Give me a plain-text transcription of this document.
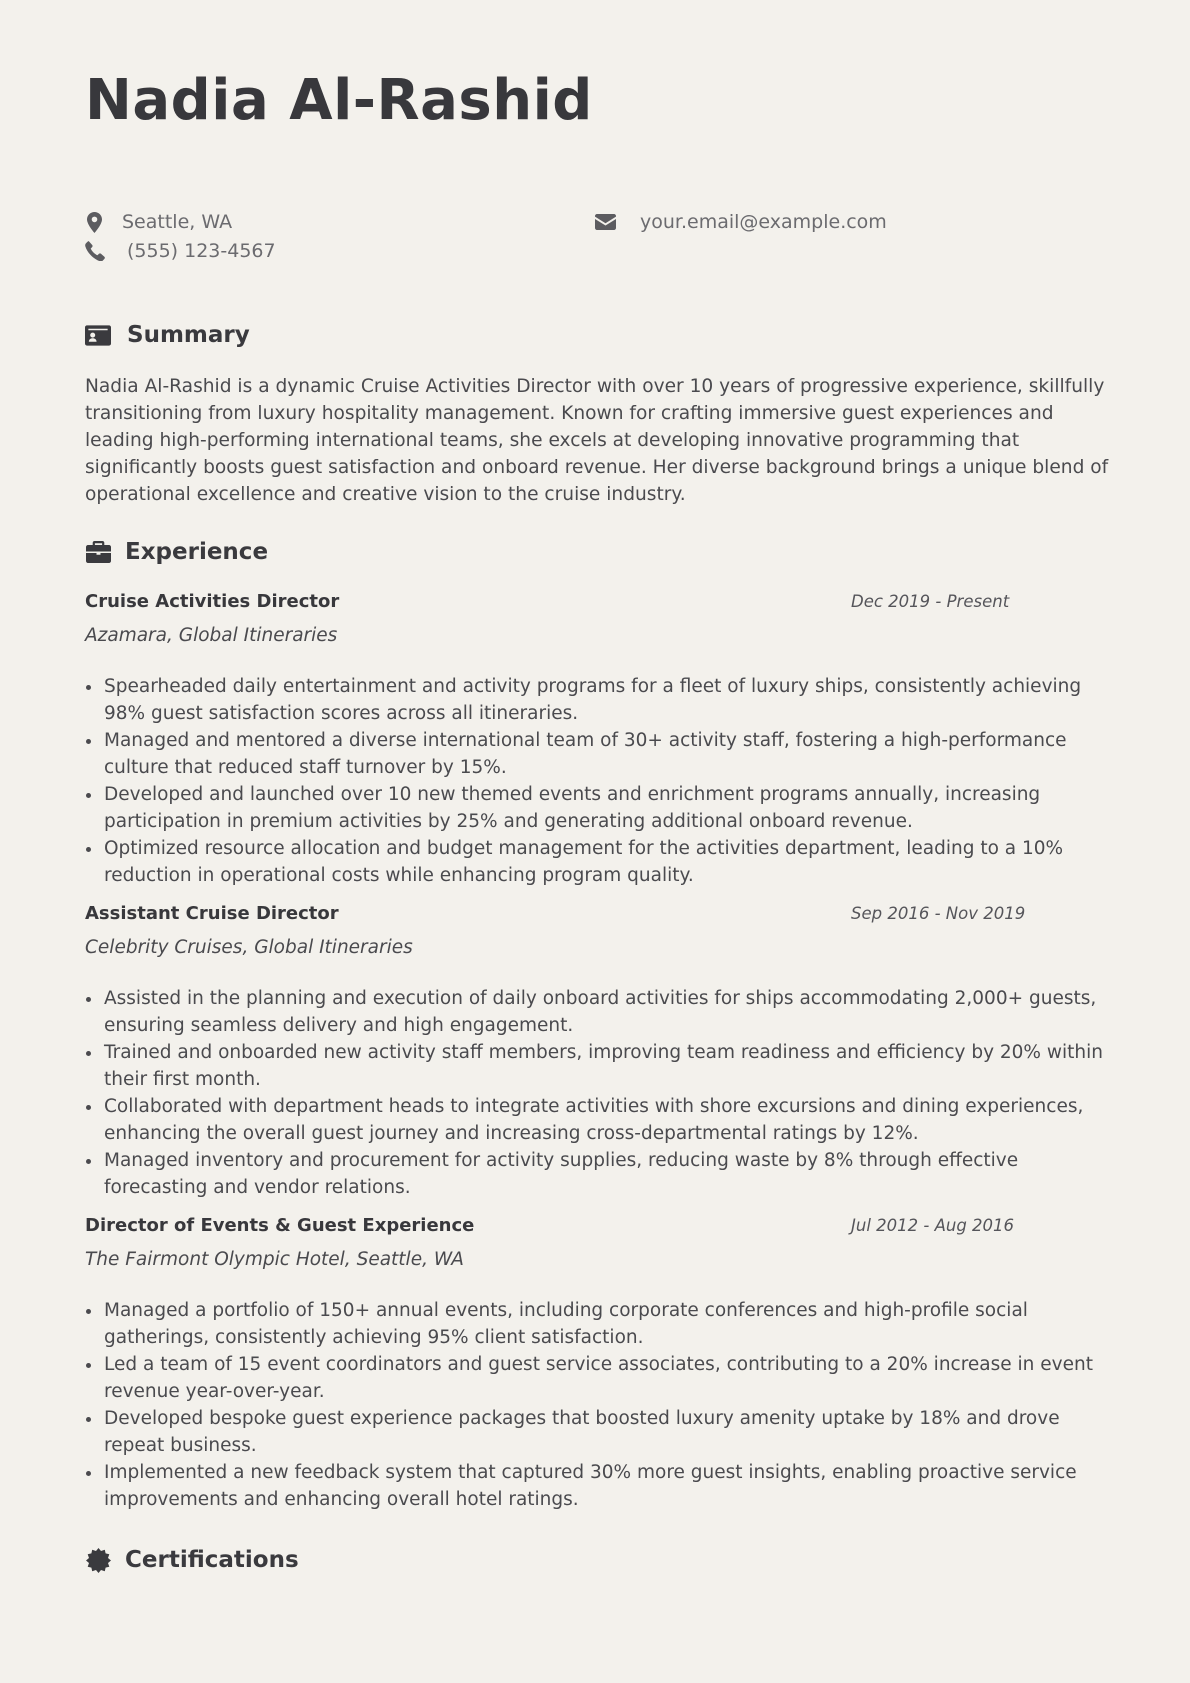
Nadia Al-Rashid
Seattle, WA
(555) 123-4567
your.email@example.com
Summary

Nadia Al-Rashid is a dynamic Cruise Activities Director with over 10 years of progressive experience, skillfully transitioning from luxury hospitality management. Known for crafting immersive guest experiences and leading high-performing international teams, she excels at developing innovative programming that significantly boosts guest satisfaction and onboard revenue. Her diverse background brings a unique blend of operational excellence and creative vision to the cruise industry.

Experience
Cruise Activities Director	Dec 2019 - Present
Azamara, Global Itineraries
Spearheaded daily entertainment and activity programs for a fleet of luxury ships, consistently achieving 98% guest satisfaction scores across all itineraries.
Managed and mentored a diverse international team of 30+ activity staff, fostering a high-performance culture that reduced staff turnover by 15%.
Developed and launched over 10 new themed events and enrichment programs annually, increasing participation in premium activities by 25% and generating additional onboard revenue.
Optimized resource allocation and budget management for the activities department, leading to a 10% reduction in operational costs while enhancing program quality.
Assistant Cruise Director	Sep 2016 - Nov 2019
Celebrity Cruises, Global Itineraries
Assisted in the planning and execution of daily onboard activities for ships accommodating 2,000+ guests, ensuring seamless delivery and high engagement.
Trained and onboarded new activity staff members, improving team readiness and efficiency by 20% within their first month.
Collaborated with department heads to integrate activities with shore excursions and dining experiences, enhancing the overall guest journey and increasing cross-departmental ratings by 12%.
Managed inventory and procurement for activity supplies, reducing waste by 8% through effective forecasting and vendor relations.
Director of Events & Guest Experience	Jul 2012 - Aug 2016
The Fairmont Olympic Hotel, Seattle, WA
Managed a portfolio of 150+ annual events, including corporate conferences and high-profile social gatherings, consistently achieving 95% client satisfaction.
Led a team of 15 event coordinators and guest service associates, contributing to a 20% increase in event revenue year-over-year.
Developed bespoke guest experience packages that boosted luxury amenity uptake by 18% and drove repeat business.
Implemented a new feedback system that captured 30% more guest insights, enabling proactive service improvements and enhancing overall hotel ratings.
Certifications
